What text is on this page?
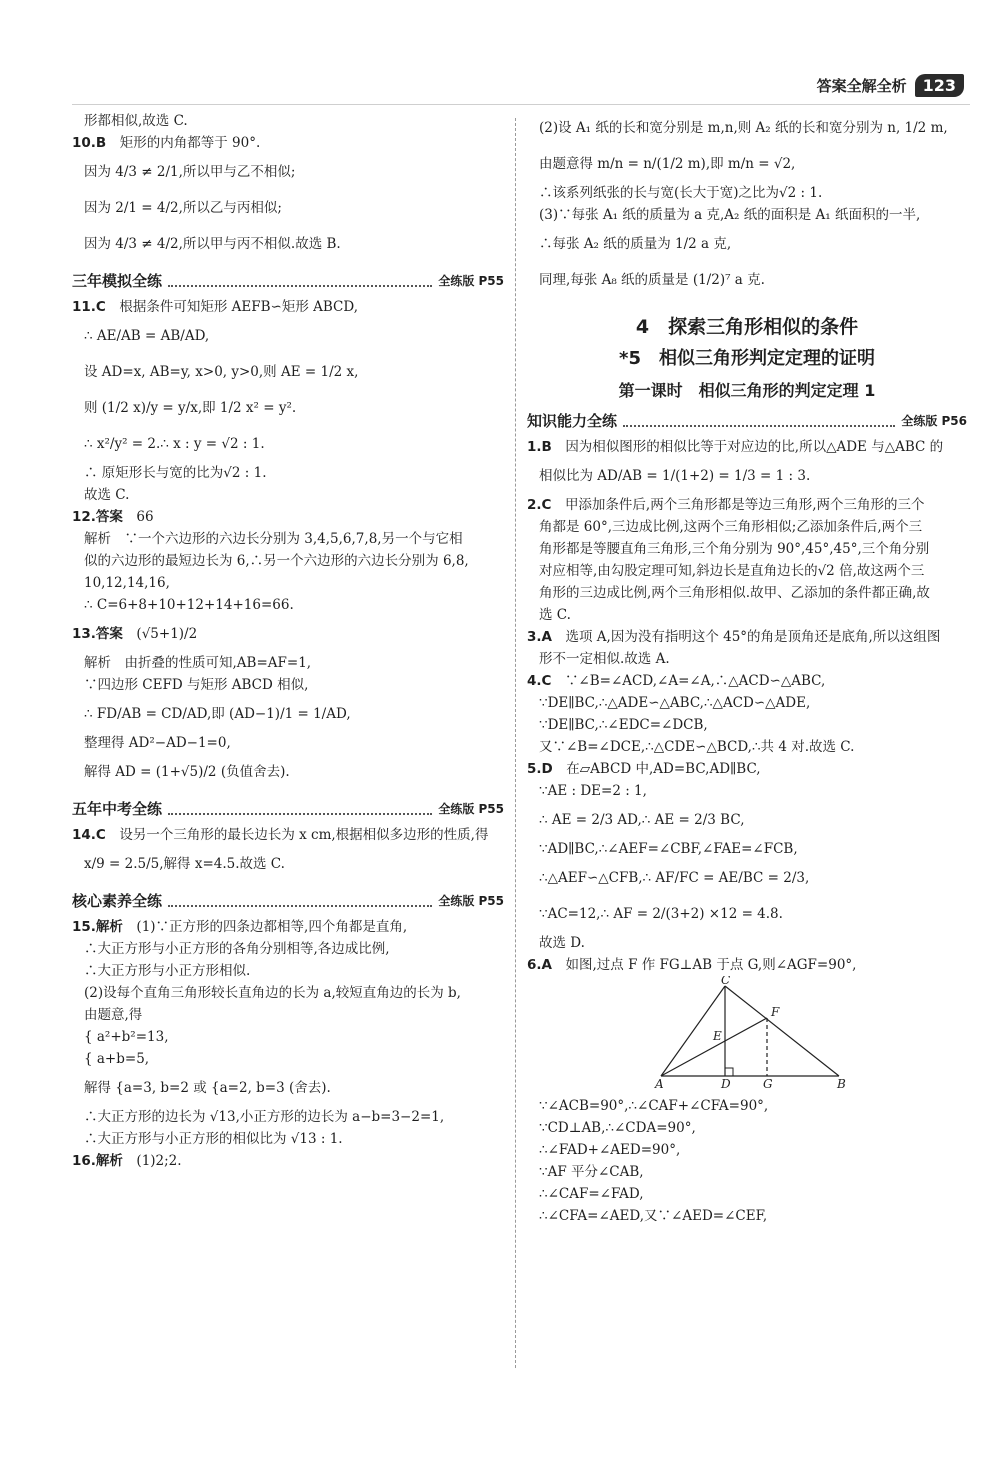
答案全解全析	123

形都相似,故选 C.

10.B　 矩形的内角都等于 90°.

因为 4/3 ≠ 2/1,所以甲与乙不相似;

因为 2/1 = 4/2,所以乙与丙相似;

因为 4/3 ≠ 4/2,所以甲与丙不相似.故选 B.

三年模拟全练	全练版 P55

11.C　 根据条件可知矩形 AEFB∽矩形 ABCD,

∴ AE/AB = AB/AD,

设 AD=x, AB=y, x>0, y>0,则 AE = 1/2 x,

则 (1/2 x)/y = y/x,即 1/2 x² = y².

∴ x²/y² = 2.∴ x : y = √2 : 1.

∴ 原矩形长与宽的比为√2 : 1.

故选 C.

12.答案　 66

解析　∵一个六边形的六边长分别为 3,4,5,6,7,8,另一个与它相

似的六边形的最短边长为 6,∴另一个六边形的六边长分别为 6,8,

10,12,14,16,

∴ C=6+8+10+12+14+16=66.

13.答案　 (√5+1)/2

解析　由折叠的性质可知,AB=AF=1,

∵四边形 CEFD 与矩形 ABCD 相似,

∴ FD/AB = CD/AD,即 (AD−1)/1 = 1/AD,

整理得 AD²−AD−1=0,

解得 AD = (1+√5)/2 (负值舍去).

五年中考全练	全练版 P55

14.C　 设另一个三角形的最长边长为 x cm,根据相似多边形的性质,得

x/9 = 2.5/5,解得 x=4.5.故选 C.

核心素养全练	全练版 P55

15.解析　 (1)∵正方形的四条边都相等,四个角都是直角,

∴大正方形与小正方形的各角分别相等,各边成比例,

∴大正方形与小正方形相似.

(2)设每个直角三角形较长直角边的长为 a,较短直角边的长为 b,

由题意,得

{ a²+b²=13,

{ a+b=5,

解得 {a=3, b=2 或 {a=2, b=3 (舍去).

∴大正方形的边长为 √13,小正方形的边长为 a−b=3−2=1,

∴大正方形与小正方形的相似比为 √13 : 1.

16.解析　 (1)2;2.

(2)设 A₁ 纸的长和宽分别是 m,n,则 A₂ 纸的长和宽分别为 n, 1/2 m,

由题意得 m/n = n/(1/2 m),即 m/n = √2,

∴该系列纸张的长与宽(长大于宽)之比为√2 : 1.

(3)∵每张 A₁ 纸的质量为 a 克,A₂ 纸的面积是 A₁ 纸面积的一半,

∴每张 A₂ 纸的质量为 1/2 a 克,

同理,每张 A₈ 纸的质量是 (1/2)⁷ a 克.

4　探索三角形相似的条件
*5　相似三角形判定定理的证明
第一课时　相似三角形的判定定理 1
知识能力全练	全练版 P56

1.B　 因为相似图形的相似比等于对应边的比,所以△ADE 与△ABC 的

相似比为 AD/AB = 1/(1+2) = 1/3 = 1 : 3.

2.C　 甲添加条件后,两个三角形都是等边三角形,两个三角形的三个

角都是 60°,三边成比例,这两个三角形相似;乙添加条件后,两个三

角形都是等腰直角三角形,三个角分别为 90°,45°,45°,三个角分别

对应相等,由勾股定理可知,斜边长是直角边长的√2 倍,故这两个三

角形的三边成比例,两个三角形相似.故甲、乙添加的条件都正确,故

选 C.

3.A　 选项 A,因为没有指明这个 45°的角是顶角还是底角,所以这组图

形不一定相似.故选 A.

4.C　 ∵∠B=∠ACD,∠A=∠A,∴△ACD∽△ABC,

∵DE∥BC,∴△ADE∽△ABC,∴△ACD∽△ADE,

∵DE∥BC,∴∠EDC=∠DCB,

又∵∠B=∠DCE,∴△CDE∽△BCD,∴共 4 对.故选 C.

5.D　 在▱ABCD 中,AD=BC,AD∥BC,

∵AE : DE=2 : 1,

∴ AE = 2/3 AD,∴ AE = 2/3 BC,

∵AD∥BC,∴∠AEF=∠CBF,∠FAE=∠FCB,

∴△AEF∽△CFB,∴ AF/FC = AE/BC = 2/3,

∵AC=12,∴ AF = 2/(3+2) ×12 = 4.8.

故选 D.

6.A　 如图,过点 F 作 FG⊥AB 于点 G,则∠AGF=90°,

C
F
E
A	D	G	B

∵∠ACB=90°,∴∠CAF+∠CFA=90°,

∵CD⊥AB,∴∠CDA=90°,

∴∠FAD+∠AED=90°,

∵AF 平分∠CAB,

∴∠CAF=∠FAD,

∴∠CFA=∠AED,又∵∠AED=∠CEF,
